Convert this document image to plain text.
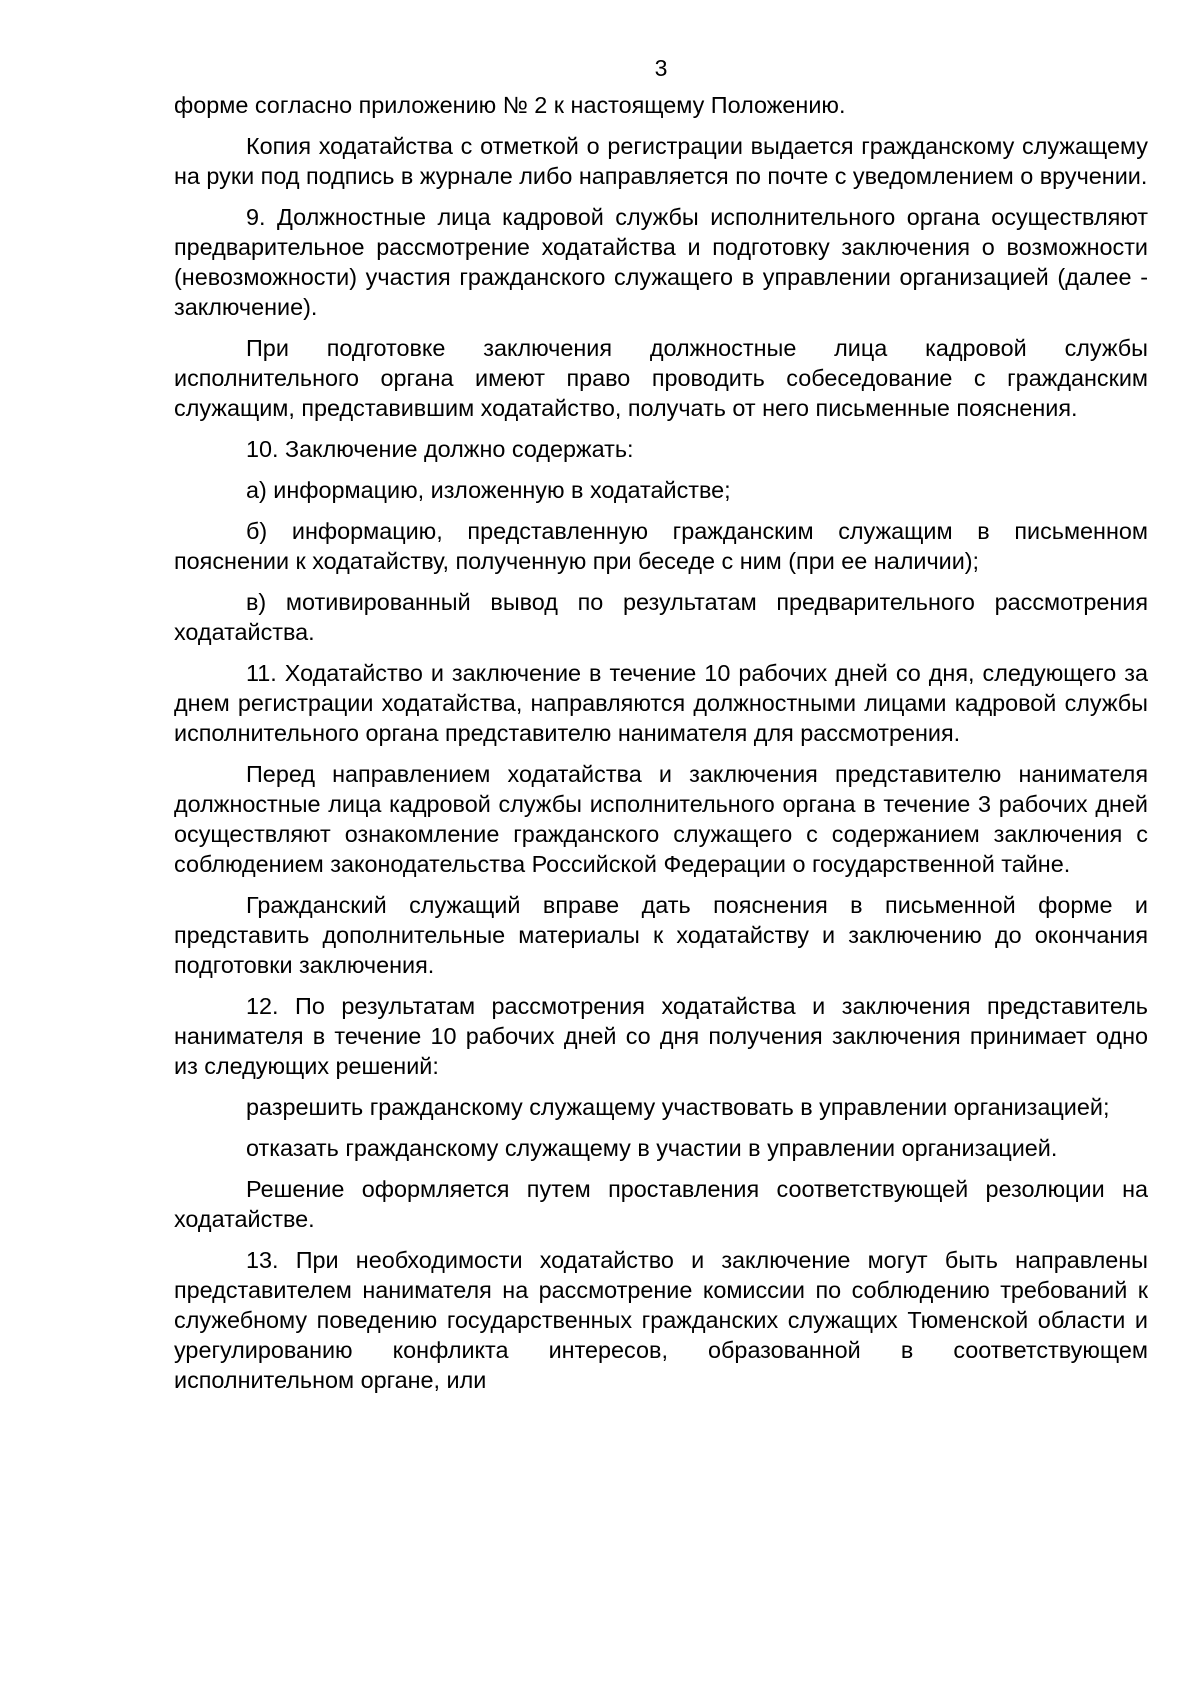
3

форме согласно приложению № 2 к настоящему Положению.

Копия ходатайства с отметкой о регистрации выдается гражданскому служащему на руки под подпись в журнале либо направляется по почте с уведомлением о вручении.

9. Должностные лица кадровой службы исполнительного органа осуществляют предварительное рассмотрение ходатайства и подготовку заключения о возможности (невозможности) участия гражданского служащего в управлении организацией (далее - заключение).

При подготовке заключения должностные лица кадровой службы исполнительного органа имеют право проводить собеседование с гражданским служащим, представившим ходатайство, получать от него письменные пояснения.

10. Заключение должно содержать:

а) информацию, изложенную в ходатайстве;

б) информацию, представленную гражданским служащим в письменном пояснении к ходатайству, полученную при беседе с ним (при ее наличии);

в) мотивированный вывод по результатам предварительного рассмотрения ходатайства.

11. Ходатайство и заключение в течение 10 рабочих дней со дня, следующего за днем регистрации ходатайства, направляются должностными лицами кадровой службы исполнительного органа представителю нанимателя для рассмотрения.

Перед направлением ходатайства и заключения представителю нанимателя должностные лица кадровой службы исполнительного органа в течение 3 рабочих дней осуществляют ознакомление гражданского служащего с содержанием заключения с соблюдением законодательства Российской Федерации о государственной тайне.

Гражданский служащий вправе дать пояснения в письменной форме и представить дополнительные материалы к ходатайству и заключению до окончания подготовки заключения.

12. По результатам рассмотрения ходатайства и заключения представитель нанимателя в течение 10 рабочих дней со дня получения заключения принимает одно из следующих решений:

разрешить гражданскому служащему участвовать в управлении организацией;

отказать гражданскому служащему в участии в управлении организацией.

Решение оформляется путем проставления соответствующей резолюции на ходатайстве.

13. При необходимости ходатайство и заключение могут быть направлены представителем нанимателя на рассмотрение комиссии по соблюдению требований к служебному поведению государственных гражданских служащих Тюменской области и урегулированию конфликта интересов, образованной в соответствующем исполнительном органе, или
